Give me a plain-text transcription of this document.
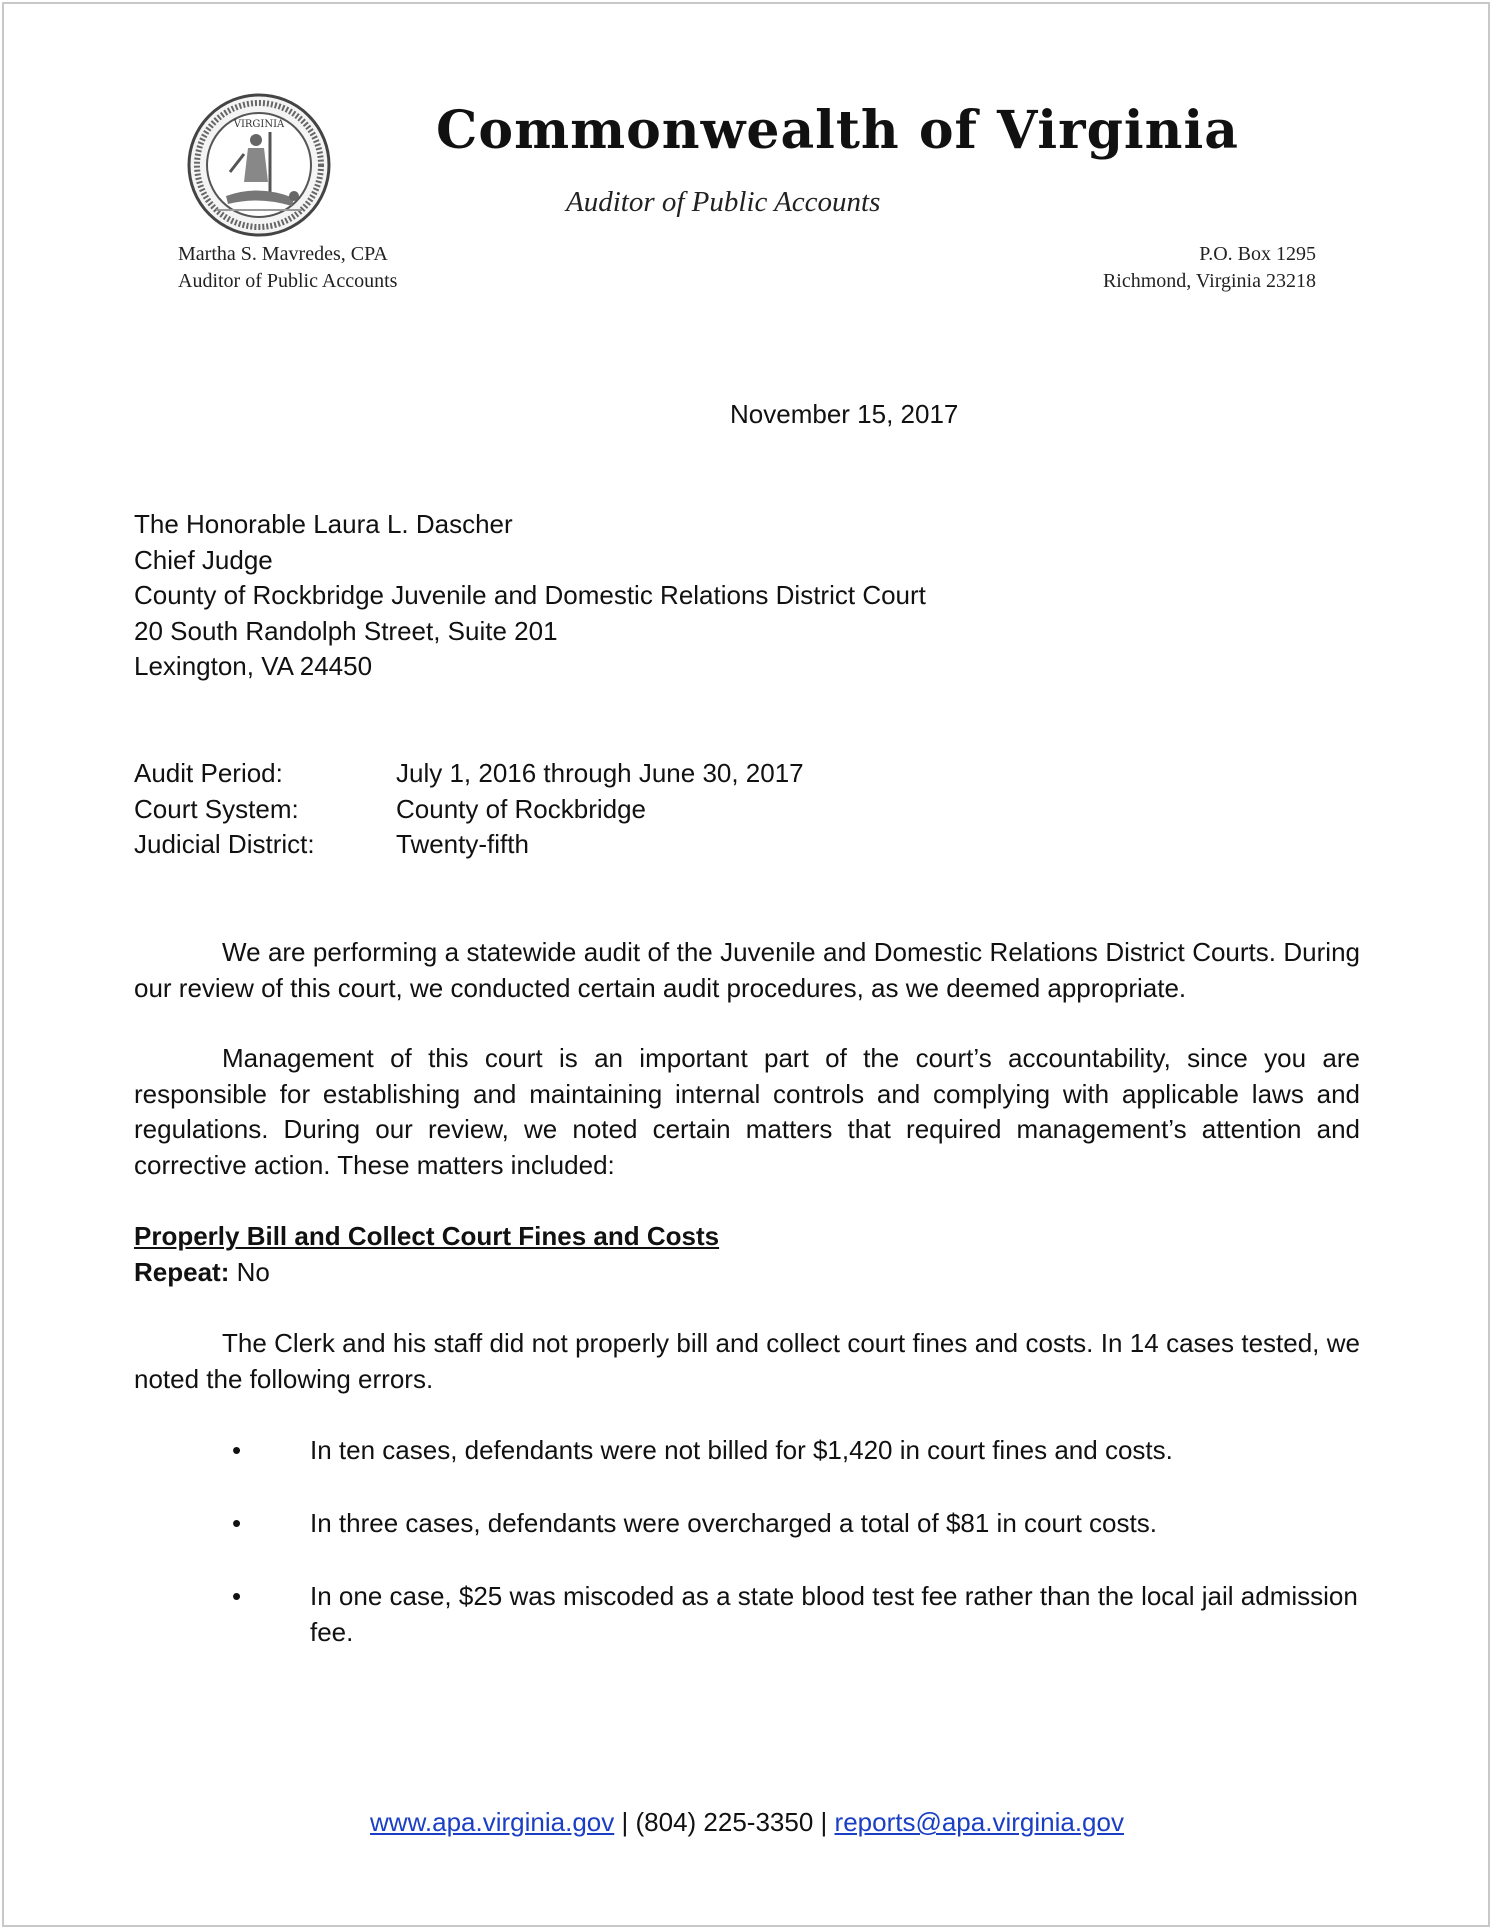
VIRGINIA	Commonwealth of Virginia
Auditor of Public Accounts
Martha S. Mavredes, CPA
Auditor of Public Accounts
P.O. Box 1295
Richmond, Virginia 23218
November 15, 2017
The Honorable Laura L. Dascher
Chief Judge
County of Rockbridge Juvenile and Domestic Relations District Court
20 South Randolph Street, Suite 201
Lexington, VA 24450
Audit Period:	July 1, 2016 through June 30, 2017
Court System:	County of Rockbridge
Judicial District:	Twenty-fifth
We are performing a statewide audit of the Juvenile and Domestic Relations District Courts. During our review of this court, we conducted certain audit procedures, as we deemed appropriate.
Management of this court is an important part of the court’s accountability, since you are responsible for establishing and maintaining internal controls and complying with applicable laws and regulations. During our review, we noted certain matters that required management’s attention and corrective action. These matters included:
Properly Bill and Collect Court Fines and Costs
Repeat: No
The Clerk and his staff did not properly bill and collect court fines and costs. In 14 cases tested, we noted the following errors.
•	In ten cases, defendants were not billed for $1,420 in court fines and costs.
•	In three cases, defendants were overcharged a total of $81 in court costs.
•	In one case, $25 was miscoded as a state blood test fee rather than the local jail admission fee.
www.apa.virginia.gov | (804) 225-3350 | reports@apa.virginia.gov
